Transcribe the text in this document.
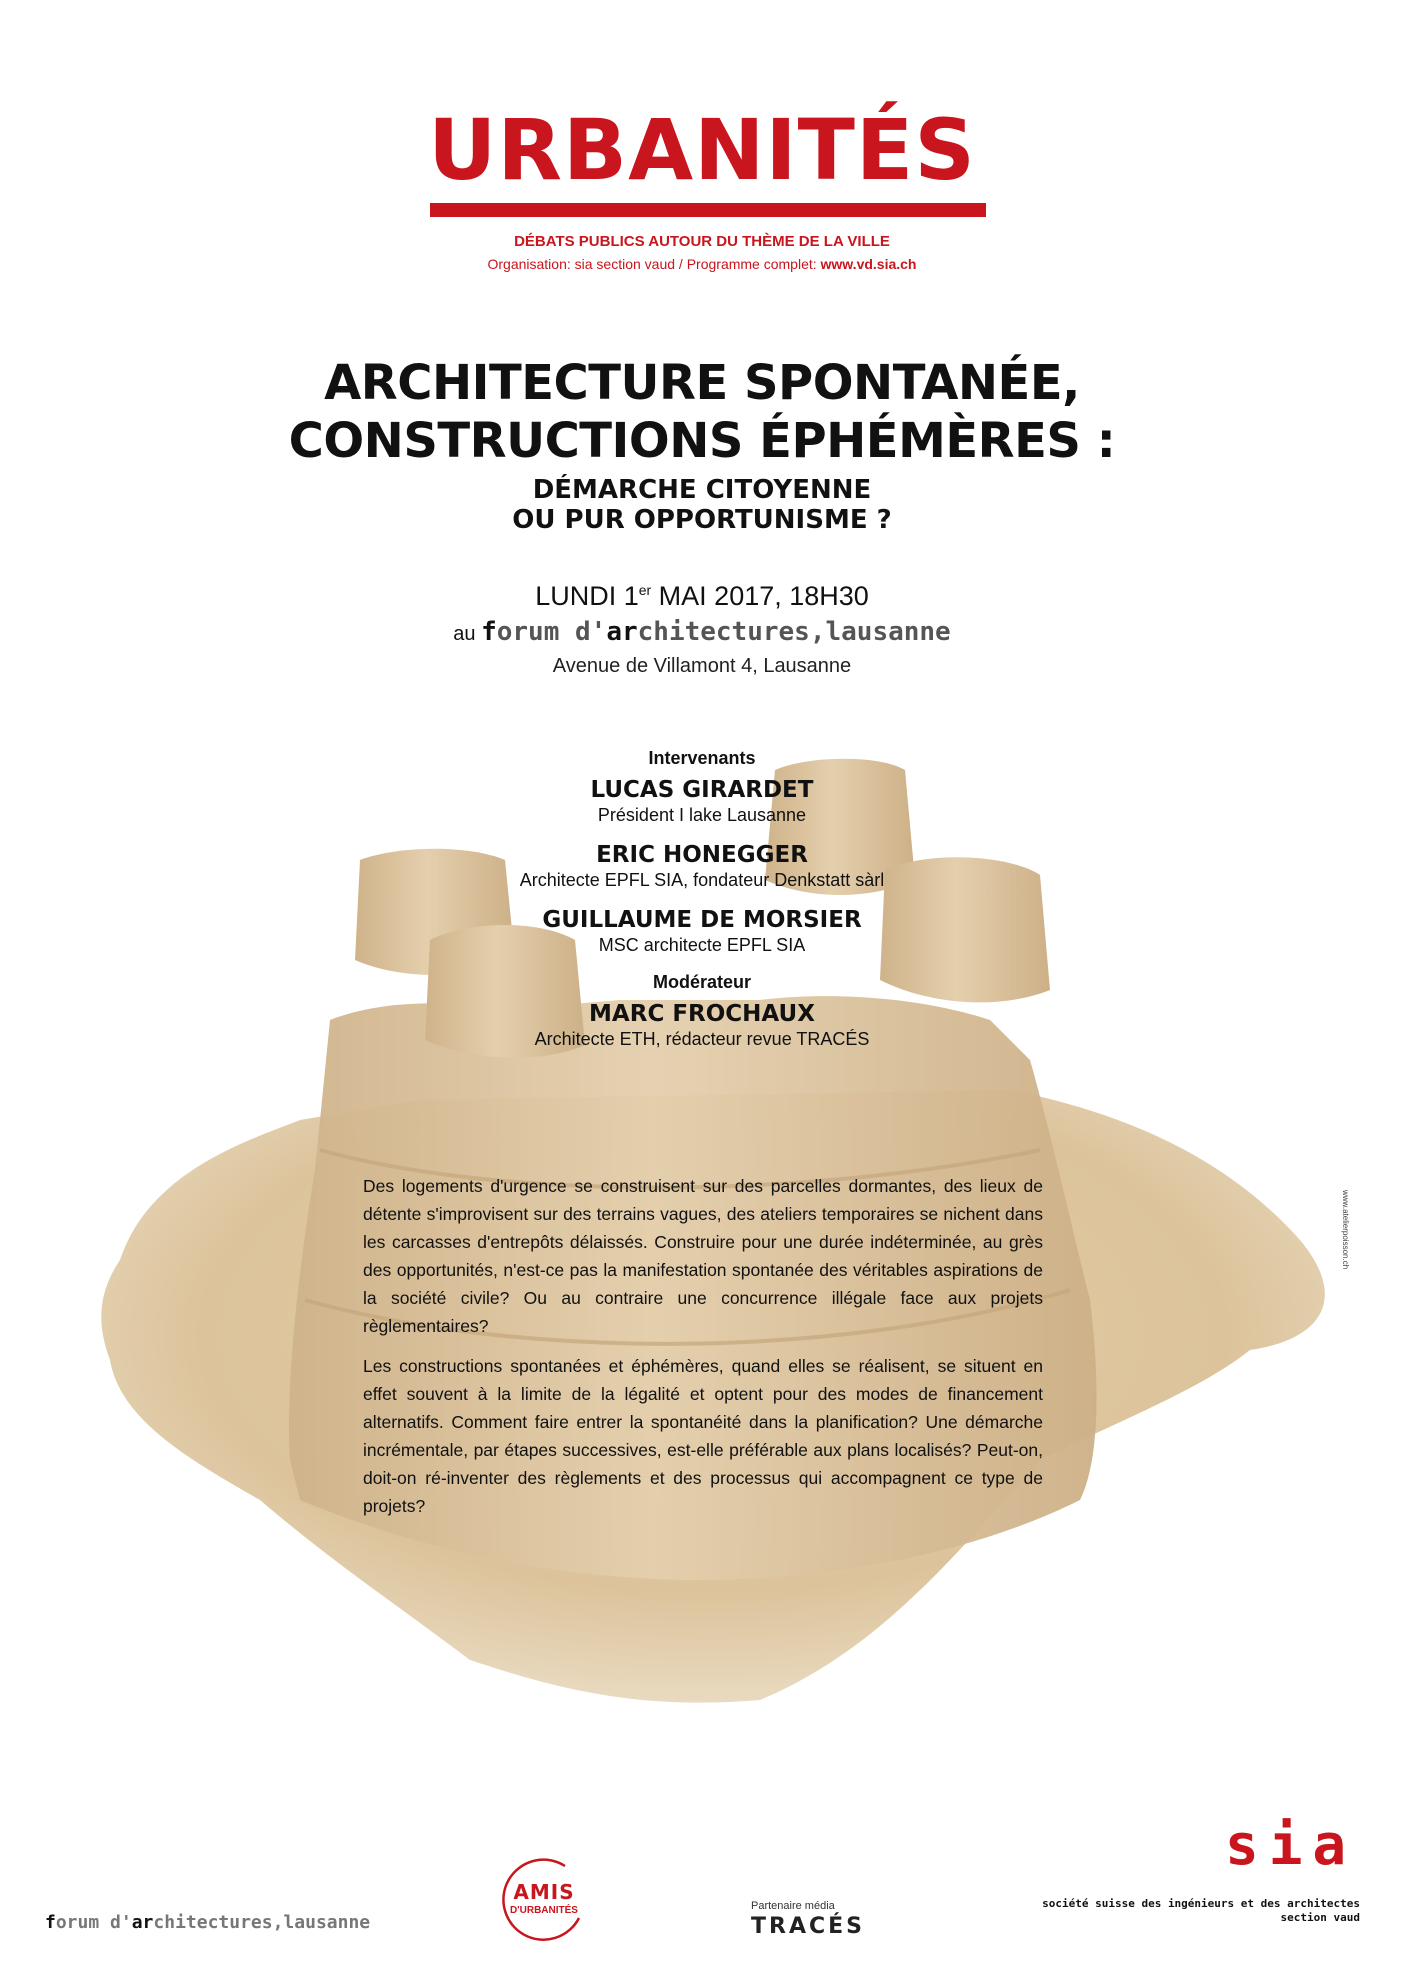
URBANITÉS
DÉBATS PUBLICS AUTOUR DU THÈME DE LA VILLE
Organisation: sia section vaud / Programme complet: www.vd.sia.ch
ARCHITECTURE SPONTANÉE,
CONSTRUCTIONS ÉPHÉMÈRES :
DÉMARCHE CITOYENNE
OU PUR OPPORTUNISME ?
LUNDI 1er MAI 2017, 18H30
au forum d'architectures,lausanne
Avenue de Villamont 4, Lausanne
Intervenants
LUCAS GIRARDET
Président I lake Lausanne
ERIC HONEGGER
Architecte EPFL SIA, fondateur Denkstatt sàrl
GUILLAUME DE MORSIER
MSC architecte EPFL SIA
Modérateur
MARC FROCHAUX
Architecte ETH, rédacteur revue TRACÉS

Des logements d'urgence se construisent sur des parcelles dormantes, des lieux de détente s'improvisent sur des terrains vagues, des ateliers temporaires se nichent dans les carcasses d'entrepôts délaissés. Construire pour une durée indéterminée, au grès des opportunités, n'est-ce pas la manifestation spontanée des véritables aspirations de la société civile? Ou au contraire une concurrence illégale face aux projets règlementaires?

Les constructions spontanées et éphémères, quand elles se réalisent, se situent en effet souvent à la limite de la légalité et optent pour des modes de financement alternatifs. Comment faire entrer la spontanéité dans la planification? Une démarche incrémentale, par étapes successives, est-elle préférable aux plans localisés? Peut-on, doit-on ré-inventer des règlements et des processus qui accompagnent ce type de projets?

www.atelierpoisson.ch
forum d'architectures,lausanne
AMIS
D'URBANITÉS	Partenaire média
TRACÉS
sia
société suisse des ingénieurs et des architectes
section vaud
